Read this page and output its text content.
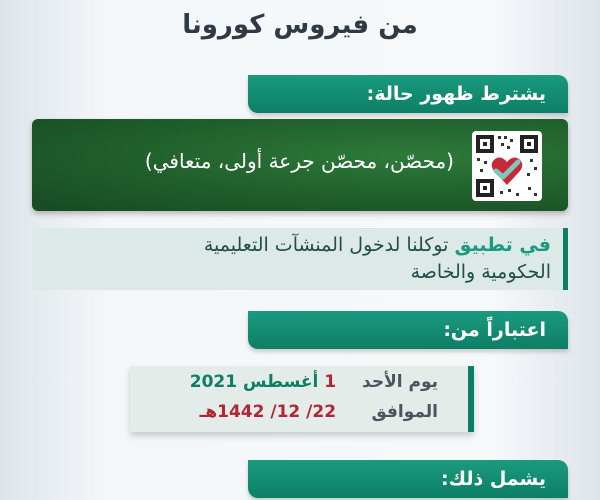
من فيروس كورونا
يشترط ظهور حالة:
(محصّن، محصّن جرعة أولى، متعافي)
في تطبيق توكلنا لدخول المنشآت التعليمية
الحكومية والخاصة
اعتباراً من:
يوم الأحد 1 أغسطس 2021
الموافق 22/ 12/ 1442هـ
يشمل ذلك:
